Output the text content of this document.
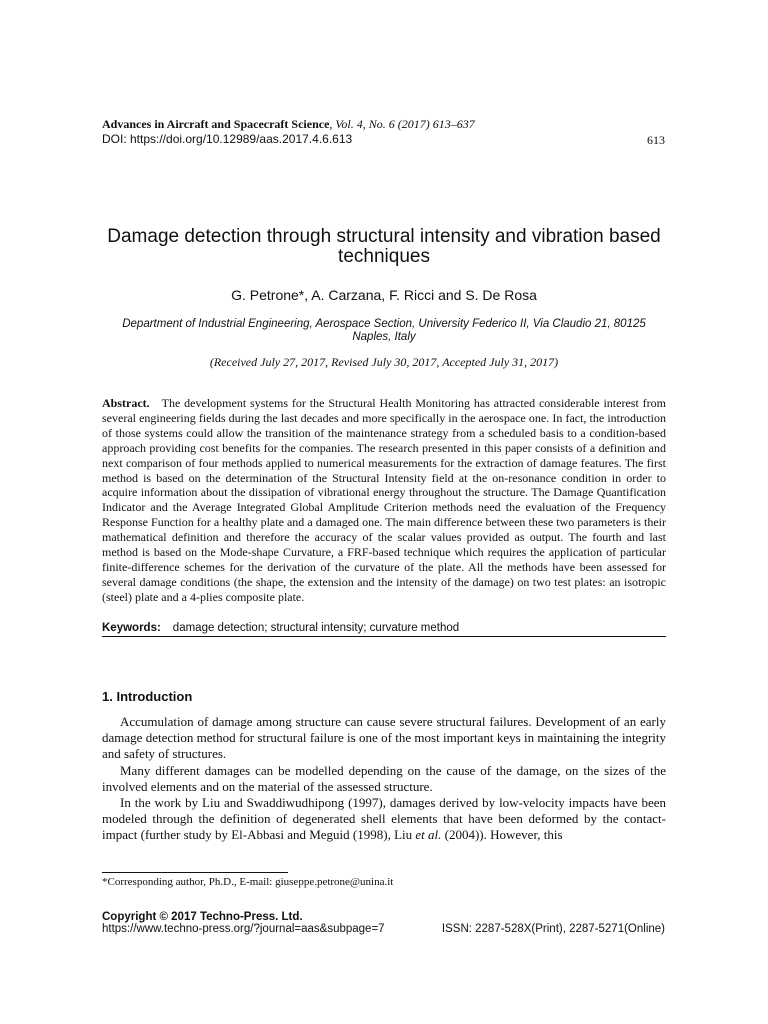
Advances in Aircraft and Spacecraft Science, Vol. 4, No. 6 (2017) 613–637
DOI: https://doi.org/10.12989/aas.2017.4.6.613	613
Damage detection through structural intensity and vibration based techniques
G. Petrone*, A. Carzana, F. Ricci and S. De Rosa
Department of Industrial Engineering, Aerospace Section, University Federico II, Via Claudio 21, 80125 Naples, Italy
(Received July 27, 2017, Revised July 30, 2017, Accepted July 31, 2017)
Abstract. The development systems for the Structural Health Monitoring has attracted considerable interest from several engineering fields during the last decades and more specifically in the aerospace one. In fact, the introduction of those systems could allow the transition of the maintenance strategy from a scheduled basis to a condition-based approach providing cost benefits for the companies. The research presented in this paper consists of a definition and next comparison of four methods applied to numerical measurements for the extraction of damage features. The first method is based on the determination of the Structural Intensity field at the on-resonance condition in order to acquire information about the dissipation of vibrational energy throughout the structure. The Damage Quantification Indicator and the Average Integrated Global Amplitude Criterion methods need the evaluation of the Frequency Response Function for a healthy plate and a damaged one. The main difference between these two parameters is their mathematical definition and therefore the accuracy of the scalar values provided as output. The fourth and last method is based on the Mode-shape Curvature, a FRF-based technique which requires the application of particular finite-difference schemes for the derivation of the curvature of the plate. All the methods have been assessed for several damage conditions (the shape, the extension and the intensity of the damage) on two test plates: an isotropic (steel) plate and a 4-plies composite plate.
Keywords: damage detection; structural intensity; curvature method
1. Introduction

Accumulation of damage among structure can cause severe structural failures. Development of an early damage detection method for structural failure is one of the most important keys in maintaining the integrity and safety of structures.

Many different damages can be modelled depending on the cause of the damage, on the sizes of the involved elements and on the material of the assessed structure.

In the work by Liu and Swaddiwudhipong (1997), damages derived by low-velocity impacts have been modeled through the definition of degenerated shell elements that have been deformed by the contact-impact (further study by El-Abbasi and Meguid (1998), Liu et al. (2004)). However, this

*Corresponding author, Ph.D., E-mail: giuseppe.petrone@unina.it
Copyright © 2017 Techno-Press. Ltd.
https://www.techno-press.org/?journal=aas&subpage=7	ISSN: 2287-528X(Print), 2287-5271(Online)
